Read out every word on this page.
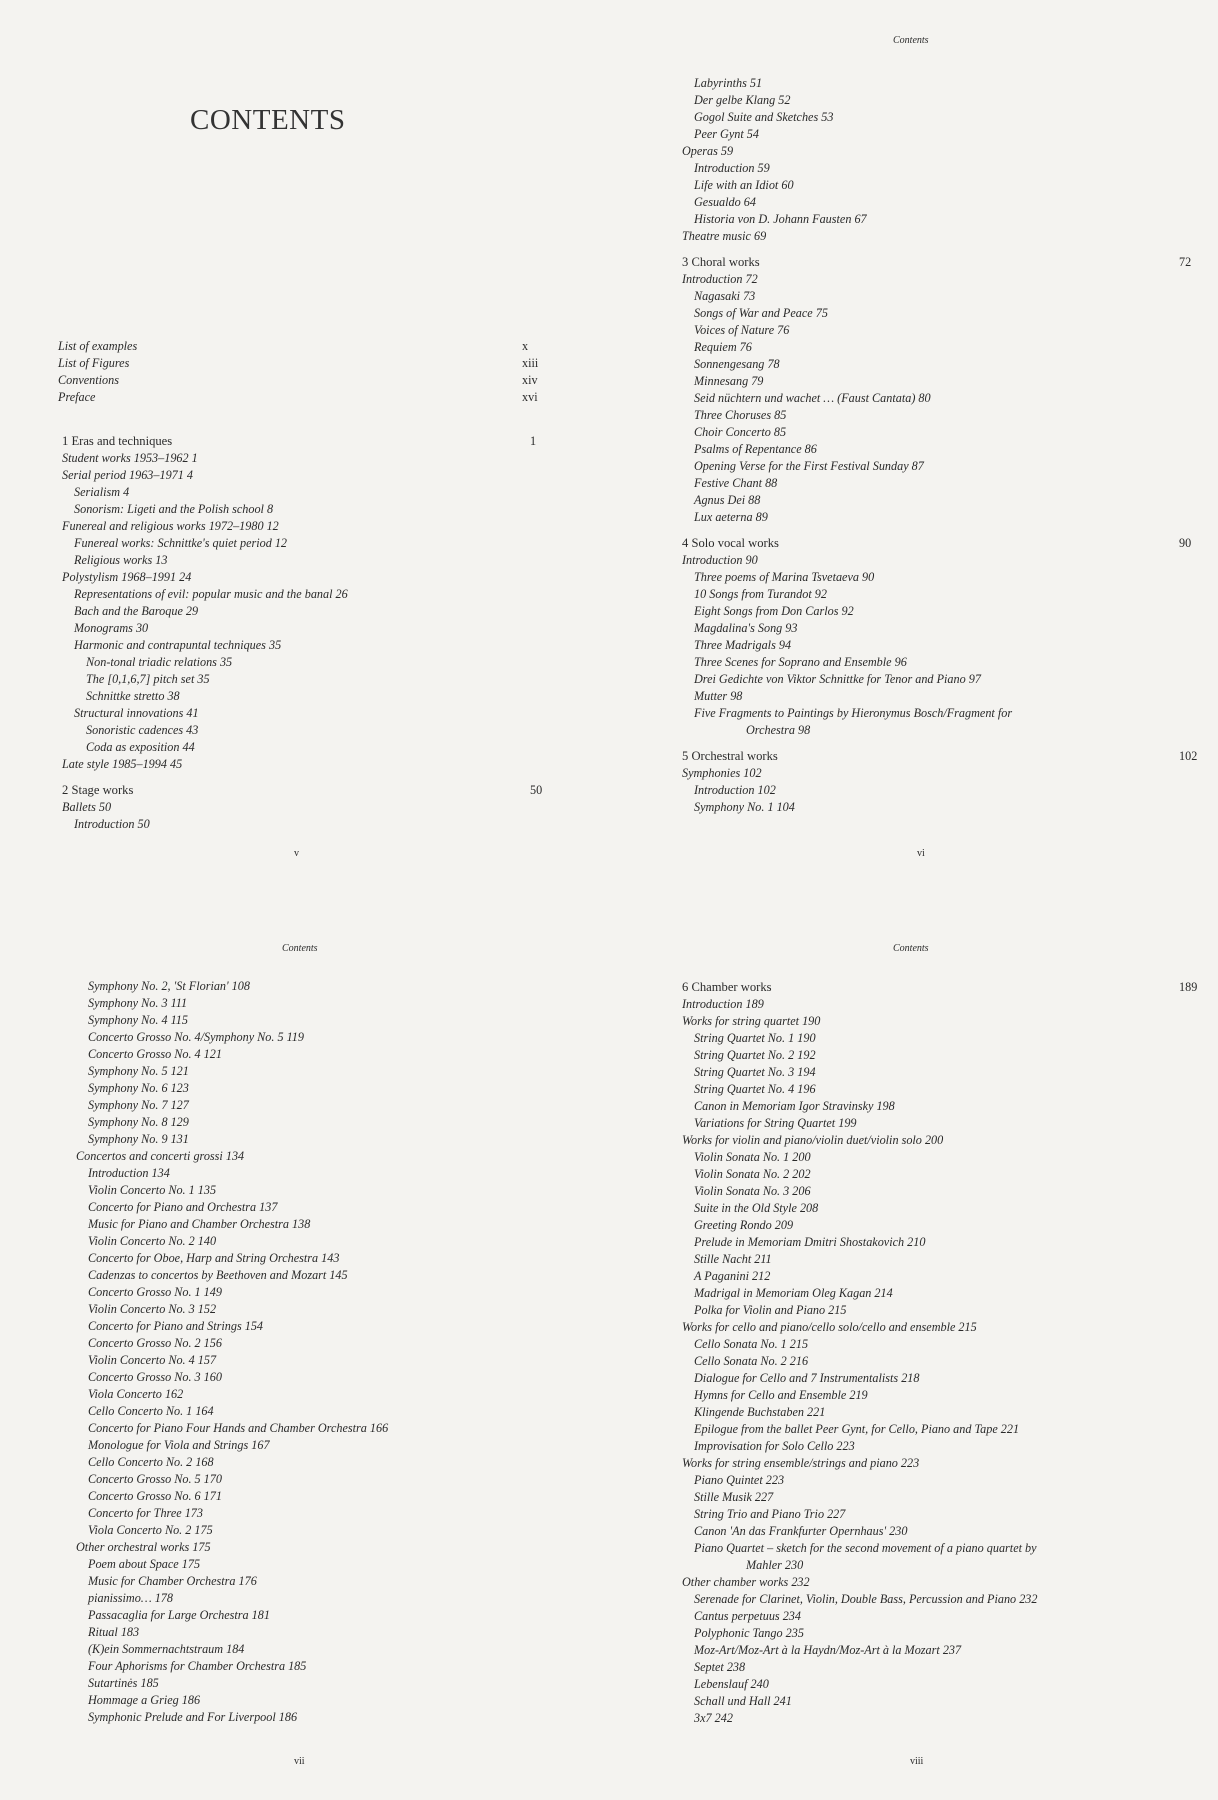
CONTENTS
List of examples	x
List of Figures	xiii
Conventions	xiv
Preface	xvi
1 Eras and techniques	1
Student works 1953–1962 1
Serial period 1963–1971 4
Serialism 4
Sonorism: Ligeti and the Polish school 8
Funereal and religious works 1972–1980 12
Funereal works: Schnittke's quiet period 12
Religious works 13
Polystylism 1968–1991 24
Representations of evil: popular music and the banal 26
Bach and the Baroque 29
Monograms 30
Harmonic and contrapuntal techniques 35
Non-tonal triadic relations 35
The [0,1,6,7] pitch set 35
Schnittke stretto 38
Structural innovations 41
Sonoristic cadences 43
Coda as exposition 44
Late style 1985–1994 45
2 Stage works	50
Ballets 50
Introduction 50
v
Contents
Labyrinths 51
Der gelbe Klang 52
Gogol Suite and Sketches 53
Peer Gynt 54
Operas 59
Introduction 59
Life with an Idiot 60
Gesualdo 64
Historia von D. Johann Fausten 67
Theatre music 69
3 Choral works	72
Introduction 72
Nagasaki 73
Songs of War and Peace 75
Voices of Nature 76
Requiem 76
Sonnengesang 78
Minnesang 79
Seid nüchtern und wachet … (Faust Cantata) 80
Three Choruses 85
Choir Concerto 85
Psalms of Repentance 86
Opening Verse for the First Festival Sunday 87
Festive Chant 88
Agnus Dei 88
Lux aeterna 89
4 Solo vocal works	90
Introduction 90
Three poems of Marina Tsvetaeva 90
10 Songs from Turandot 92
Eight Songs from Don Carlos 92
Magdalina's Song 93
Three Madrigals 94
Three Scenes for Soprano and Ensemble 96
Drei Gedichte von Viktor Schnittke for Tenor and Piano 97
Mutter 98
Five Fragments to Paintings by Hieronymus Bosch/Fragment for
Orchestra 98
5 Orchestral works	102
Symphonies 102
Introduction 102
Symphony No. 1 104
vi
Contents
Symphony No. 2, 'St Florian' 108
Symphony No. 3 111
Symphony No. 4 115
Concerto Grosso No. 4/Symphony No. 5 119
Concerto Grosso No. 4 121
Symphony No. 5 121
Symphony No. 6 123
Symphony No. 7 127
Symphony No. 8 129
Symphony No. 9 131
Concertos and concerti grossi 134
Introduction 134
Violin Concerto No. 1 135
Concerto for Piano and Orchestra 137
Music for Piano and Chamber Orchestra 138
Violin Concerto No. 2 140
Concerto for Oboe, Harp and String Orchestra 143
Cadenzas to concertos by Beethoven and Mozart 145
Concerto Grosso No. 1 149
Violin Concerto No. 3 152
Concerto for Piano and Strings 154
Concerto Grosso No. 2 156
Violin Concerto No. 4 157
Concerto Grosso No. 3 160
Viola Concerto 162
Cello Concerto No. 1 164
Concerto for Piano Four Hands and Chamber Orchestra 166
Monologue for Viola and Strings 167
Cello Concerto No. 2 168
Concerto Grosso No. 5 170
Concerto Grosso No. 6 171
Concerto for Three 173
Viola Concerto No. 2 175
Other orchestral works 175
Poem about Space 175
Music for Chamber Orchestra 176
pianissimo… 178
Passacaglia for Large Orchestra 181
Ritual 183
(K)ein Sommernachtstraum 184
Four Aphorisms for Chamber Orchestra 185
Sutartinės 185
Hommage a Grieg 186
Symphonic Prelude and For Liverpool 186
vii
Contents
6 Chamber works	189
Introduction 189
Works for string quartet 190
String Quartet No. 1 190
String Quartet No. 2 192
String Quartet No. 3 194
String Quartet No. 4 196
Canon in Memoriam Igor Stravinsky 198
Variations for String Quartet 199
Works for violin and piano/violin duet/violin solo 200
Violin Sonata No. 1 200
Violin Sonata No. 2 202
Violin Sonata No. 3 206
Suite in the Old Style 208
Greeting Rondo 209
Prelude in Memoriam Dmitri Shostakovich 210
Stille Nacht 211
A Paganini 212
Madrigal in Memoriam Oleg Kagan 214
Polka for Violin and Piano 215
Works for cello and piano/cello solo/cello and ensemble 215
Cello Sonata No. 1 215
Cello Sonata No. 2 216
Dialogue for Cello and 7 Instrumentalists 218
Hymns for Cello and Ensemble 219
Klingende Buchstaben 221
Epilogue from the ballet Peer Gynt, for Cello, Piano and Tape 221
Improvisation for Solo Cello 223
Works for string ensemble/strings and piano 223
Piano Quintet 223
Stille Musik 227
String Trio and Piano Trio 227
Canon 'An das Frankfurter Opernhaus' 230
Piano Quartet – sketch for the second movement of a piano quartet by
Mahler 230
Other chamber works 232
Serenade for Clarinet, Violin, Double Bass, Percussion and Piano 232
Cantus perpetuus 234
Polyphonic Tango 235
Moz-Art/Moz-Art à la Haydn/Moz-Art à la Mozart 237
Septet 238
Lebenslauf 240
Schall und Hall 241
3x7 242
viii
